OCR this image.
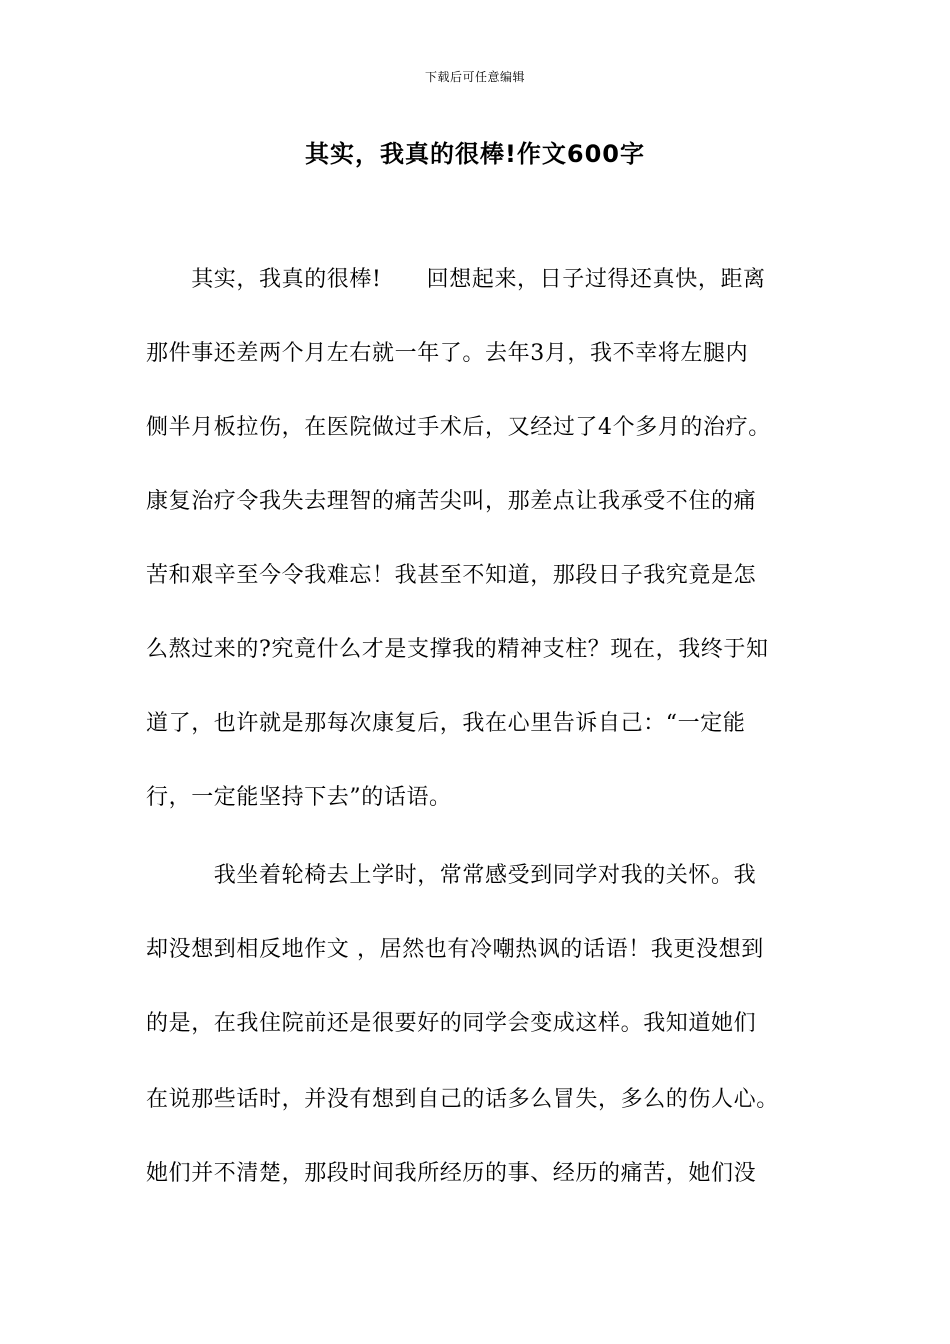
下载后可任意编辑
其实，我真的很棒!作文600字
　　其实，我真的很棒!　　回想起来，日子过得还真快，距离
那件事还差两个月左右就一年了。去年3月，我不幸将左腿内
侧半月板拉伤，在医院做过手术后，又经过了4个多月的治疗。
康复治疗令我失去理智的痛苦尖叫，那差点让我承受不住的痛
苦和艰辛至今令我难忘！我甚至不知道，那段日子我究竟是怎
么熬过来的?究竟什么才是支撑我的精神支柱？现在，我终于知
道了，也许就是那每次康复后，我在心里告诉自己：“一定能
行，一定能坚持下去”的话语。
　　　我坐着轮椅去上学时，常常感受到同学对我的关怀。我
却没想到相反地作文 ，居然也有冷嘲热讽的话语！我更没想到
的是，在我住院前还是很要好的同学会变成这样。我知道她们
在说那些话时，并没有想到自己的话多么冒失，多么的伤人心。
她们并不清楚，那段时间我所经历的事、经历的痛苦，她们没
